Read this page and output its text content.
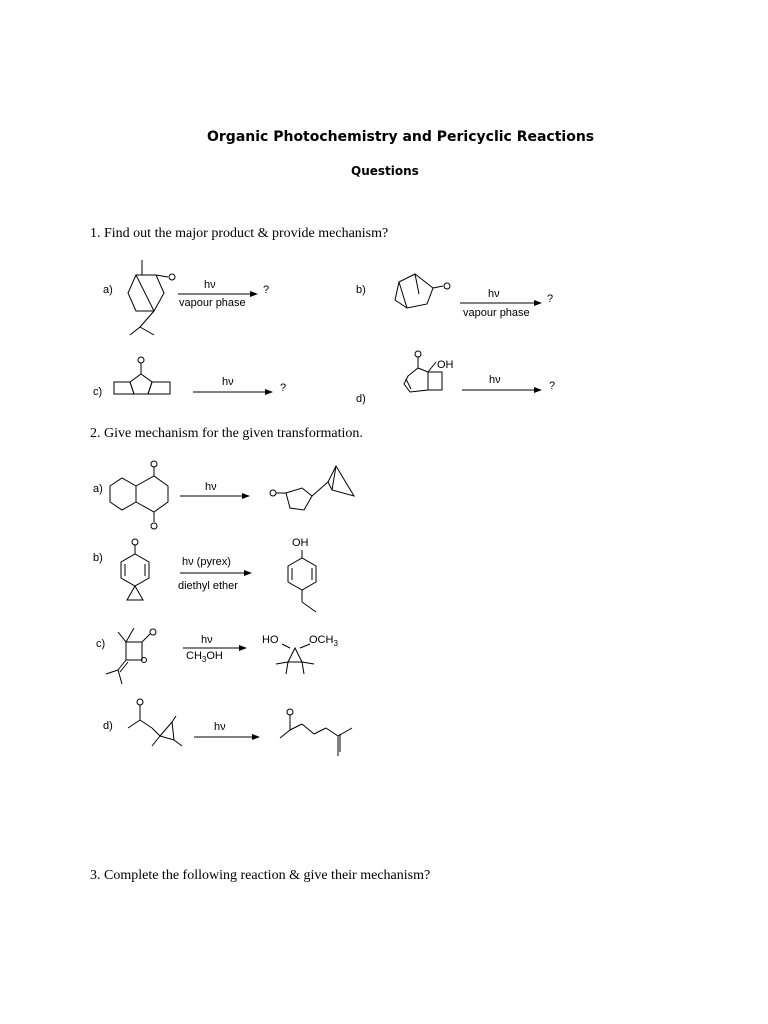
Organic Photochemistry and Pericyclic Reactions
Questions
1. Find out the major product & provide mechanism?
a)	hν
vapour phase
?	b)	hν
vapour phase
?
c)
hν	?
d)
OH
hν	?
2. Give mechanism for the given transformation.
a)	hν
b)	hν (pyrex)
diethyl ether
OH
c)	hν
$CH_3OH$
HO	$OCH_3$
d)	hν
3. Complete the following reaction & give their mechanism?
